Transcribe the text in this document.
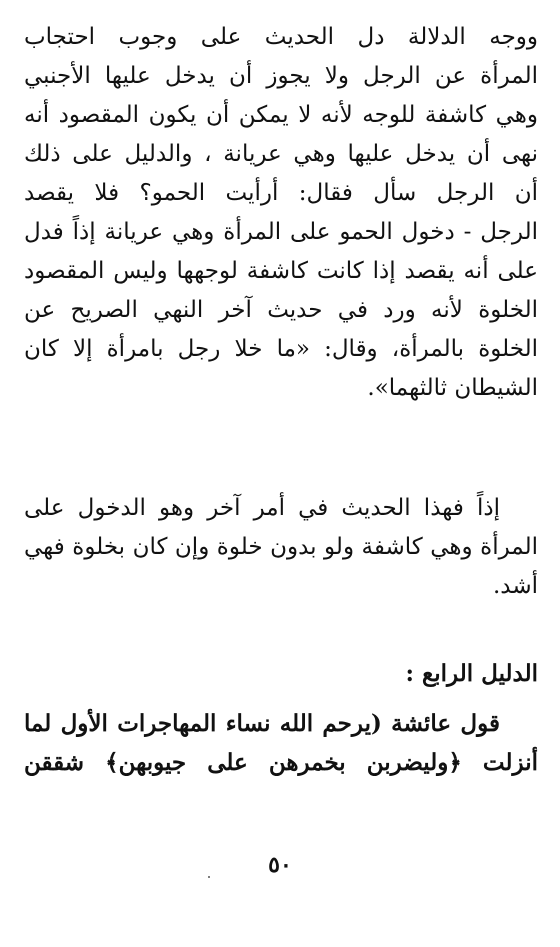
ووجه الدلالة دل الحديث على وجوب احتجاب
المرأة عن الرجل ولا يجوز أن يدخل عليها الأجنبي
وهي كاشفة للوجه لأنه لا يمكن أن يكون المقصود أنه
نهى أن يدخل عليها وهي عريانة ، والدليل على ذلك
أن الرجل سأل فقال: أرأيت الحمو؟ فلا يقصد
الرجل - دخول الحمو على المرأة وهي عريانة إذاً فدل
على أنه يقصد إذا كانت كاشفة لوجهها وليس المقصود
الخلوة لأنه ورد في حديث آخر النهي الصريح عن
الخلوة بالمرأة، وقال: «ما خلا رجل بامرأة إلا كان
الشيطان ثالثهما».
إذاً فهذا الحديث في أمر آخر وهو الدخول على
المرأة وهي كاشفة ولو بدون خلوة وإن كان بخلوة فهي
أشد.
الدليل الرابع :
قول عائشة (يرحم الله نساء المهاجرات الأول لما
أنزلت ﴿وليضربن بخمرهن على جيوبهن﴾ شققن
٥٠
